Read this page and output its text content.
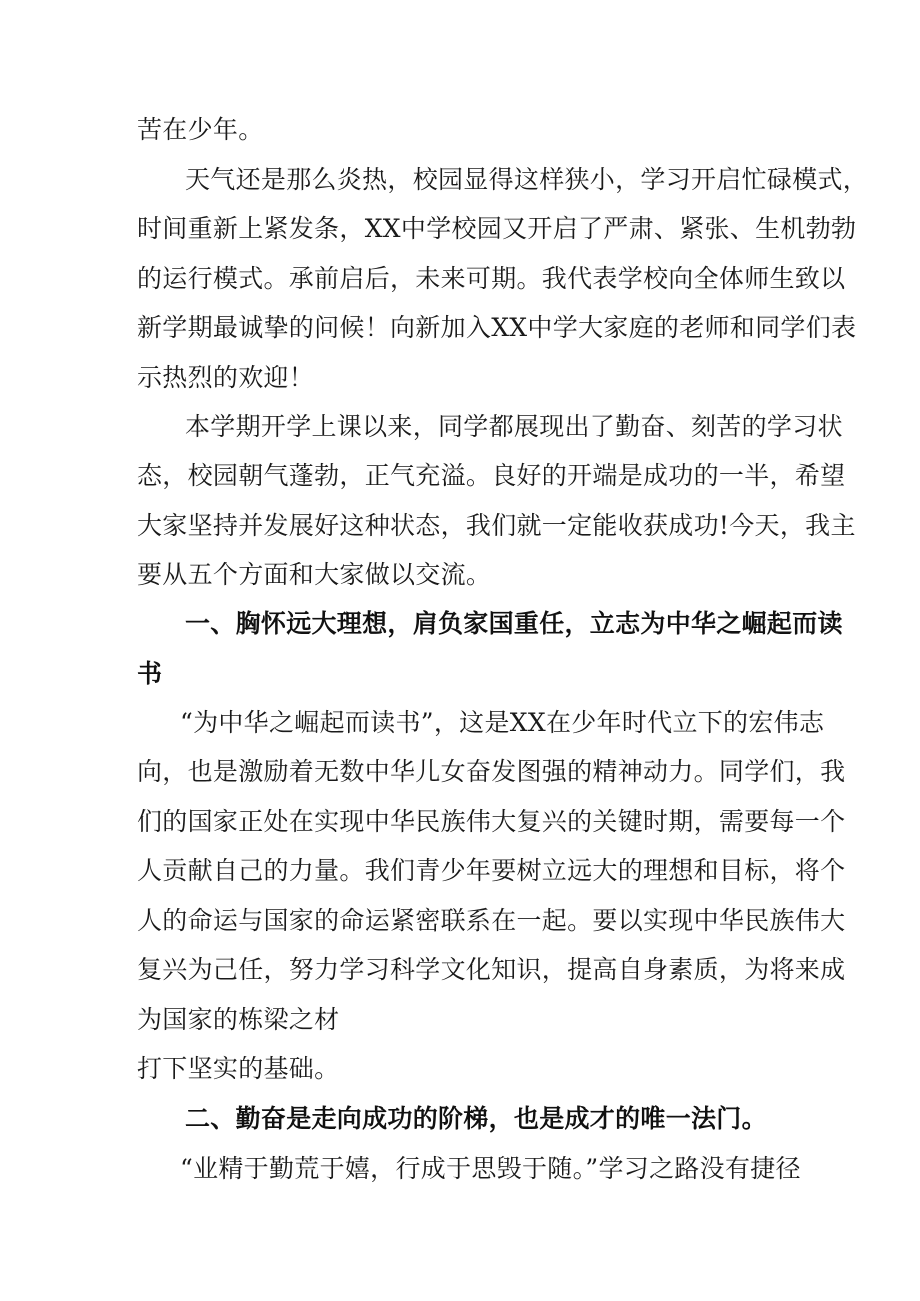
苦在少年。
天气还是那么炎热，校园显得这样狭小，学习开启忙碌模式，
时间重新上紧发条，XX中学校园又开启了严肃、紧张、生机勃勃
的运行模式。承前启后，未来可期。我代表学校向全体师生致以
新学期最诚挚的问候！向新加入XX中学大家庭的老师和同学们表
示热烈的欢迎！
本学期开学上课以来，同学都展现出了勤奋、刻苦的学习状
态，校园朝气蓬勃，正气充溢。良好的开端是成功的一半，希望
大家坚持并发展好这种状态，我们就一定能收获成功!今天，我主
要从五个方面和大家做以交流。
一、胸怀远大理想，肩负家国重任，立志为中华之崛起而读
书
“为中华之崛起而读书”，这是XX在少年时代立下的宏伟志
向，也是激励着无数中华儿女奋发图强的精神动力。同学们，我
们的国家正处在实现中华民族伟大复兴的关键时期，需要每一个
人贡献自己的力量。我们青少年要树立远大的理想和目标，将个
人的命运与国家的命运紧密联系在一起。要以实现中华民族伟大
复兴为己任，努力学习科学文化知识，提高自身素质，为将来成
为国家的栋梁之材
打下坚实的基础。
二、勤奋是走向成功的阶梯，也是成才的唯一法门。
“业精于勤荒于嬉，行成于思毁于随。”学习之路没有捷径
